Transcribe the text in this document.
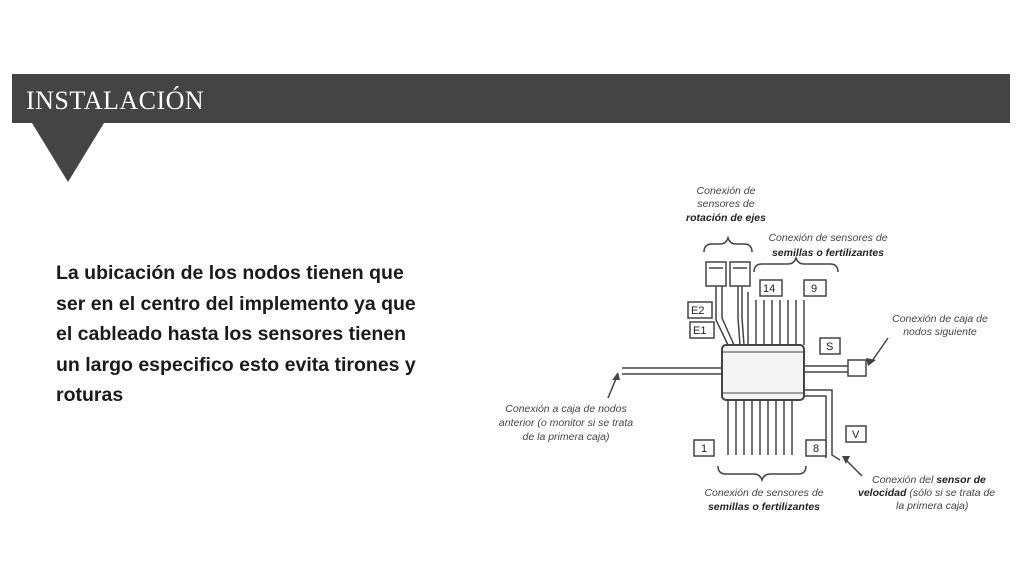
INSTALACIÓN
La ubicación de los nodos tienen que
ser en el centro del implemento ya que
el cableado hasta los sensores tienen
un largo especifico esto evita tirones y
roturas
E2
E1
14	9
S
V
1	8
Conexión de
sensores de
rotación de ejes
Conexión de sensores de
semillas o fertilizantes
Conexión de caja de
nodos siguiente
Conexión a caja de nodos
anterior (o monitor si se trata
de la primera caja)
Conexión del sensor de
velocidad (sólo si se trata de
la primera caja)
Conexión de sensores de
semillas o fertilizantes
